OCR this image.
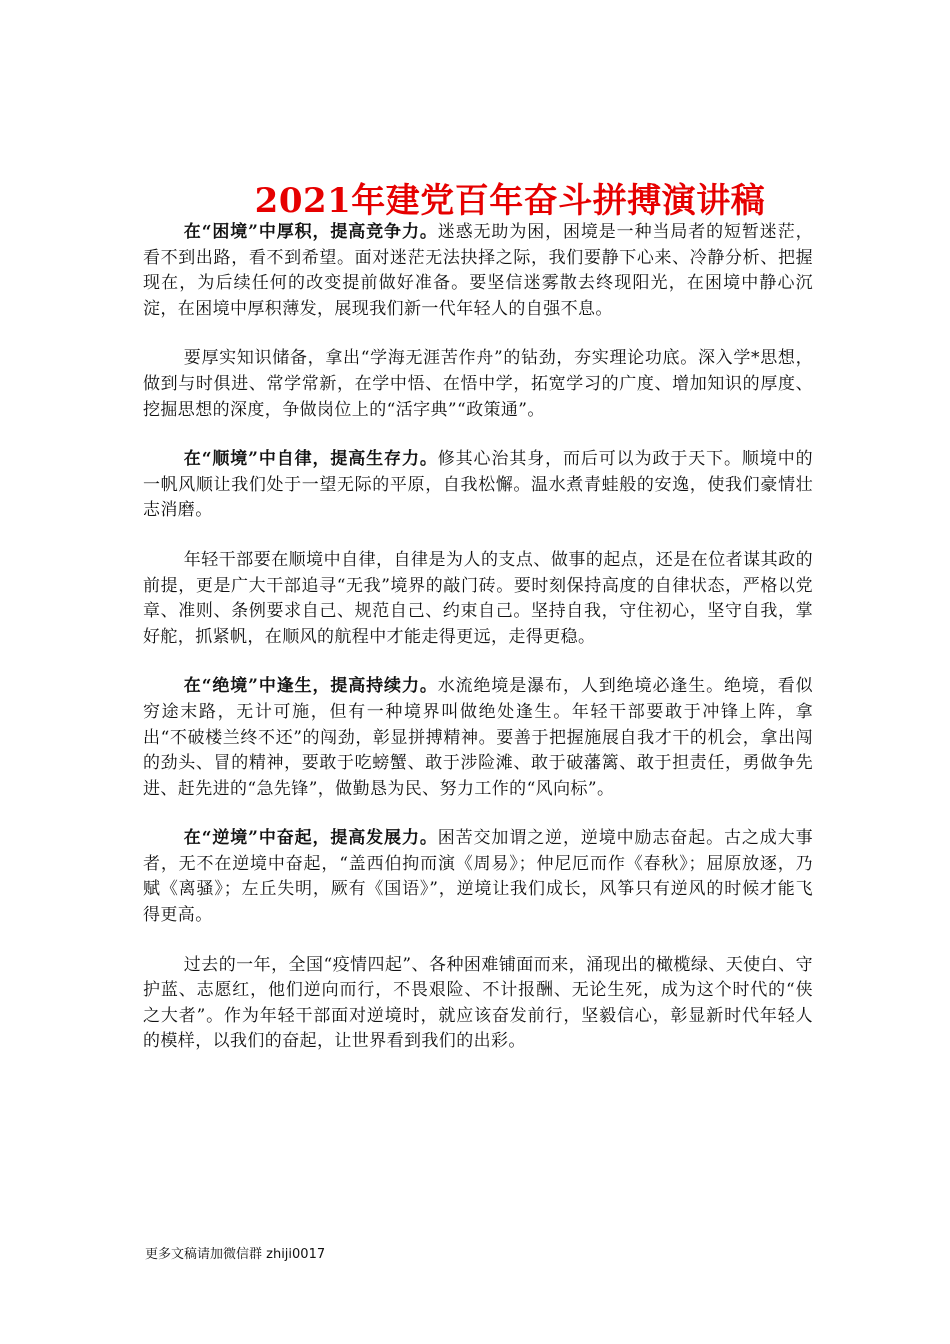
2021年建党百年奋斗拼搏演讲稿

在“困境”中厚积，提高竞争力。迷惑无助为困，困境是一种当局者的短暂迷茫，看不到出路，看不到希望。面对迷茫无法抉择之际，我们要静下心来、冷静分析、把握现在，为后续任何的改变提前做好准备。要坚信迷雾散去终现阳光，在困境中静心沉淀，在困境中厚积薄发，展现我们新一代年轻人的自强不息。

要厚实知识储备，拿出“学海无涯苦作舟”的钻劲，夯实理论功底。深入学*思想，做到与时俱进、常学常新，在学中悟、在悟中学，拓宽学习的广度、增加知识的厚度、挖掘思想的深度，争做岗位上的“活字典”“政策通”。

在“顺境”中自律，提高生存力。修其心治其身，而后可以为政于天下。顺境中的一帆风顺让我们处于一望无际的平原，自我松懈。温水煮青蛙般的安逸，使我们豪情壮志消磨。

年轻干部要在顺境中自律，自律是为人的支点、做事的起点，还是在位者谋其政的前提，更是广大干部追寻“无我”境界的敲门砖。要时刻保持高度的自律状态，严格以党章、准则、条例要求自己、规范自己、约束自己。坚持自我，守住初心，坚守自我，掌好舵，抓紧帆，在顺风的航程中才能走得更远，走得更稳。

在“绝境”中逢生，提高持续力。水流绝境是瀑布，人到绝境必逢生。绝境，看似穷途末路，无计可施，但有一种境界叫做绝处逢生。年轻干部要敢于冲锋上阵，拿出“不破楼兰终不还”的闯劲，彰显拼搏精神。要善于把握施展自我才干的机会，拿出闯的劲头、冒的精神，要敢于吃螃蟹、敢于涉险滩、敢于破藩篱、敢于担责任，勇做争先进、赶先进的“急先锋”，做勤恳为民、努力工作的“风向标”。

在“逆境”中奋起，提高发展力。困苦交加谓之逆，逆境中励志奋起。古之成大事者，无不在逆境中奋起，“盖西伯拘而演《周易》；仲尼厄而作《春秋》；屈原放逐，乃赋《离骚》；左丘失明，厥有《国语》”，逆境让我们成长，风筝只有逆风的时候才能飞得更高。

过去的一年，全国“疫情四起”、各种困难铺面而来，涌现出的橄榄绿、天使白、守护蓝、志愿红，他们逆向而行，不畏艰险、不计报酬、无论生死，成为这个时代的“侠之大者”。作为年轻干部面对逆境时，就应该奋发前行，坚毅信心，彰显新时代年轻人的模样，以我们的奋起，让世界看到我们的出彩。

更多文稿请加微信群 zhiji0017
